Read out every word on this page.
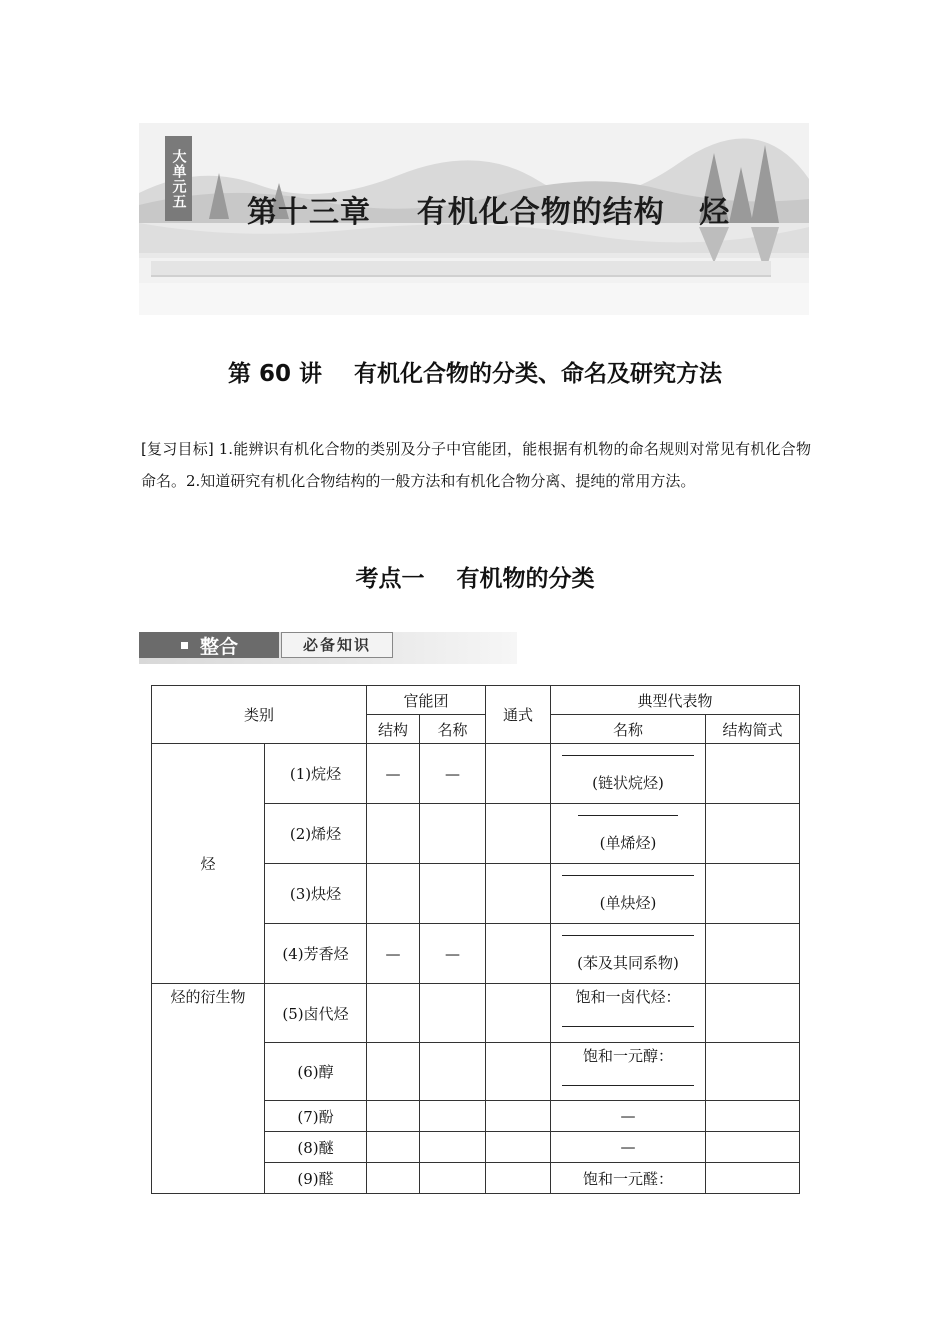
大单元五
第十三章    有机化合物的结构   烃
第 60 讲    有机化合物的分类、命名及研究方法
[复习目标] 1.能辨识有机化合物的类别及分子中官能团，能根据有机物的命名规则对常见有机化合物命名。2.知道研究有机化合物结构的一般方法和有机化合物分离、提纯的常用方法。
考点一    有机物的分类
整合	必备知识
类别		官能团		通式	典型代表物	
		结构	名称		名称	结构简式
烃	(1)烷烃	—	—		(链状烷烃)	

	(2)烯烃				(单烯烃)	

	(3)炔烃				(单炔烃)	

	(4)芳香烃	—	—		(苯及其同系物)	

烃的衍生物	(5)卤代烃				饱和一卤代烃：	

	(6)醇				饱和一元醇：	

	(7)酚				—	
	(8)醚				—	
	(9)醛				饱和一元醛：	
